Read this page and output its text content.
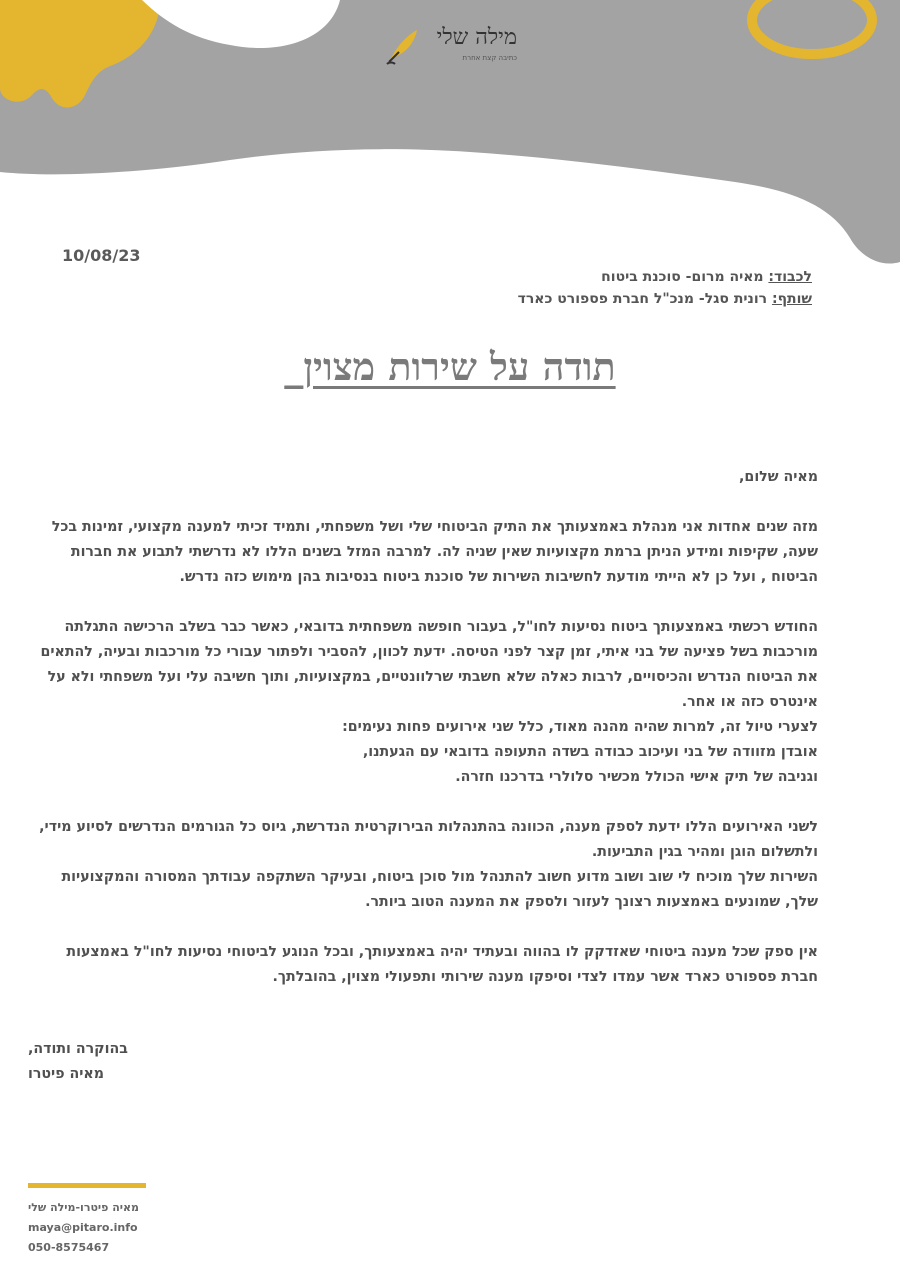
מילה שלי
כתיבה קצת אחרת
10/08/23
לכבוד: מאיה מרום- סוכנת ביטוח
שותף: רונית סגל- מנכ"ל חברת פספורט כארד
תודה על שירות מצוין_

מאיה שלום,

מזה שנים אחדות אני מנהלת באמצעותך את התיק הביטוחי שלי ושל משפחתי, ותמיד זכיתי למענה מקצועי, זמינות בכל שעה, שקיפות ומידע הניתן ברמת מקצועיות שאין שניה לה. למרבה המזל בשנים הללו לא נדרשתי לתבוע את חברות הביטוח , ועל כן לא הייתי מודעת לחשיבות השירות של סוכנת ביטוח בנסיבות בהן מימוש כזה נדרש.

החודש רכשתי באמצעותך ביטוח נסיעות לחו"ל, בעבור חופשה משפחתית בדובאי, כאשר כבר בשלב הרכישה התגלתה מורכבות בשל פציעה של בני איתי, זמן קצר לפני הטיסה. ידעת לכוון, להסביר ולפתור עבורי כל מורכבות ובעיה, להתאים את הביטוח הנדרש והכיסויים, לרבות כאלה שלא חשבתי שרלוונטיים, במקצועיות, ותוך חשיבה עלי ועל משפחתי ולא על אינטרס כזה או אחר.

לצערי טיול זה, למרות שהיה מהנה מאוד, כלל שני אירועים פחות נעימים:

אובדן מזוודה של בני ועיכוב כבודה בשדה התעופה בדובאי עם הגעתנו,

וגניבה של תיק אישי הכולל מכשיר סלולרי בדרכנו חזרה.

לשני האירועים הללו ידעת לספק מענה, הכוונה בהתנהלות הבירוקרטית הנדרשת, גיוס כל הגורמים הנדרשים לסיוע מידי, ולתשלום הוגן ומהיר בגין התביעות.

השירות שלך מוכיח לי שוב ושוב מדוע חשוב להתנהל מול סוכן ביטוח, ובעיקר השתקפה עבודתך המסורה והמקצועיות שלך, שמונעים באמצעות רצונך לעזור ולספק את המענה הטוב ביותר.

אין ספק שכל מענה ביטוחי שאזדקק לו בהווה ובעתיד יהיה באמצעותך, ובכל הנוגע לביטוחי נסיעות לחו"ל באמצעות חברת פספורט כארד אשר עמדו לצדי וסיפקו מענה שירותי ותפעולי מצוין, בהובלתך.

בהוקרה ותודה,
מאיה פיטרו
מאיה פיטרו-מילה שלי
maya@pitaro.info
050-8575467
